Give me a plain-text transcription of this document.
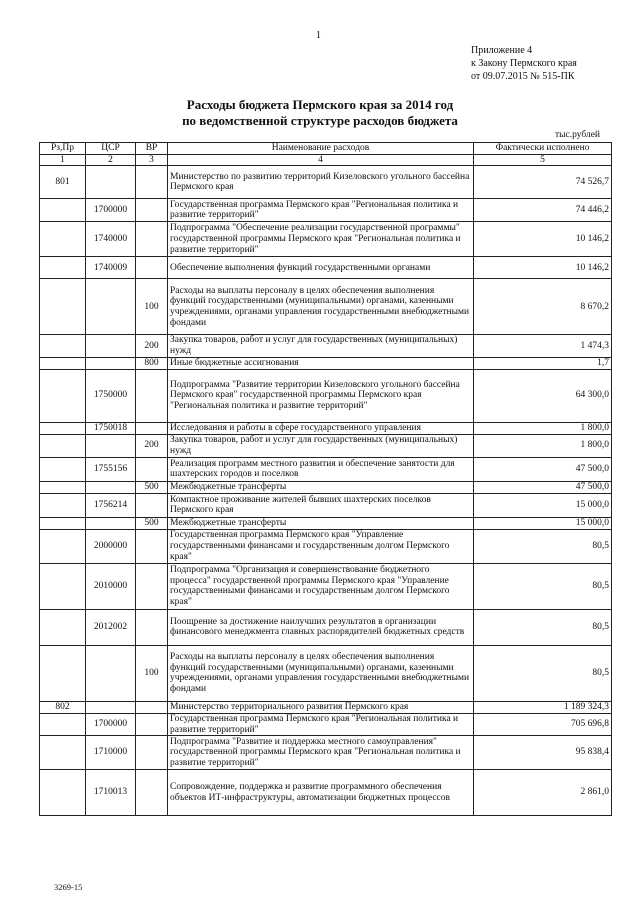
1
Приложение 4
к Закону Пермского края
от 09.07.2015 № 515-ПК
Расходы бюджета Пермского края за 2014 год
по ведомственной структуре расходов бюджета
тыс.рублей
Рз,Пр	ЦСР	ВР	Наименование расходов	Фактически исполнено
1	2	3	4	5
801			Министерство по развитию территорий Кизеловского угольного бассейна Пермского края	74 526,7
	1700000		Государственная программа Пермского края "Региональная политика и развитие территорий"	74 446,2
	1740000		Подпрограмма "Обеспечение реализации государственной программы" государственной программы Пермского края "Региональная политика и развитие территорий"	10 146,2
	1740009		Обеспечение выполнения функций государственными органами	10 146,2
		100	Расходы на выплаты персоналу в целях обеспечения выполнения функций государственными (муниципальными) органами, казенными учреждениями, органами управления государственными внебюджетными фондами	8 670,2
		200	Закупка товаров, работ и услуг для государственных (муниципальных) нужд	1 474,3
		800	Иные бюджетные ассигнования	1,7
	1750000		Подпрограмма "Развитие территории Кизеловского угольного бассейна Пермского края" государственной программы Пермского края "Региональная политика и развитие территорий"	64 300,0
	1750018		Исследования и работы в сфере государственного управления	1 800,0
		200	Закупка товаров, работ и услуг для государственных (муниципальных) нужд	1 800,0
	1755156		Реализация программ местного развития и обеспечение занятости для шахтерских городов и поселков	47 500,0
		500	Межбюджетные трансферты	47 500,0
	1756214		Компактное проживание жителей бывших шахтерских поселков Пермского края	15 000,0
		500	Межбюджетные трансферты	15 000,0
	2000000		Государственная программа Пермского края "Управление государственными финансами и государственным долгом Пермского края"	80,5
	2010000		Подпрограмма "Организация и совершенствование бюджетного процесса" государственной программы Пермского края "Управление государственными финансами и государственным долгом Пермского края"	80,5
	2012002		Поощрение за достижение наилучших результатов в организации финансового менеджмента главных распорядителей бюджетных средств	80,5
		100	Расходы на выплаты персоналу в целях обеспечения выполнения функций государственными (муниципальными) органами, казенными учреждениями, органами управления государственными внебюджетными фондами	80,5
802			Министерство территориального развития Пермского края	1 189 324,3
	1700000		Государственная программа Пермского края "Региональная политика и развитие территорий"	705 696,8
	1710000		Подпрограмма "Развитие и поддержка местного самоуправления" государственной программы Пермского края "Региональная политика и развитие территорий"	95 838,4
	1710013		Сопровождение, поддержка и развитие программного обеспечения объектов ИТ-инфраструктуры, автоматизации бюджетных процессов	2 861,0
3269-15
